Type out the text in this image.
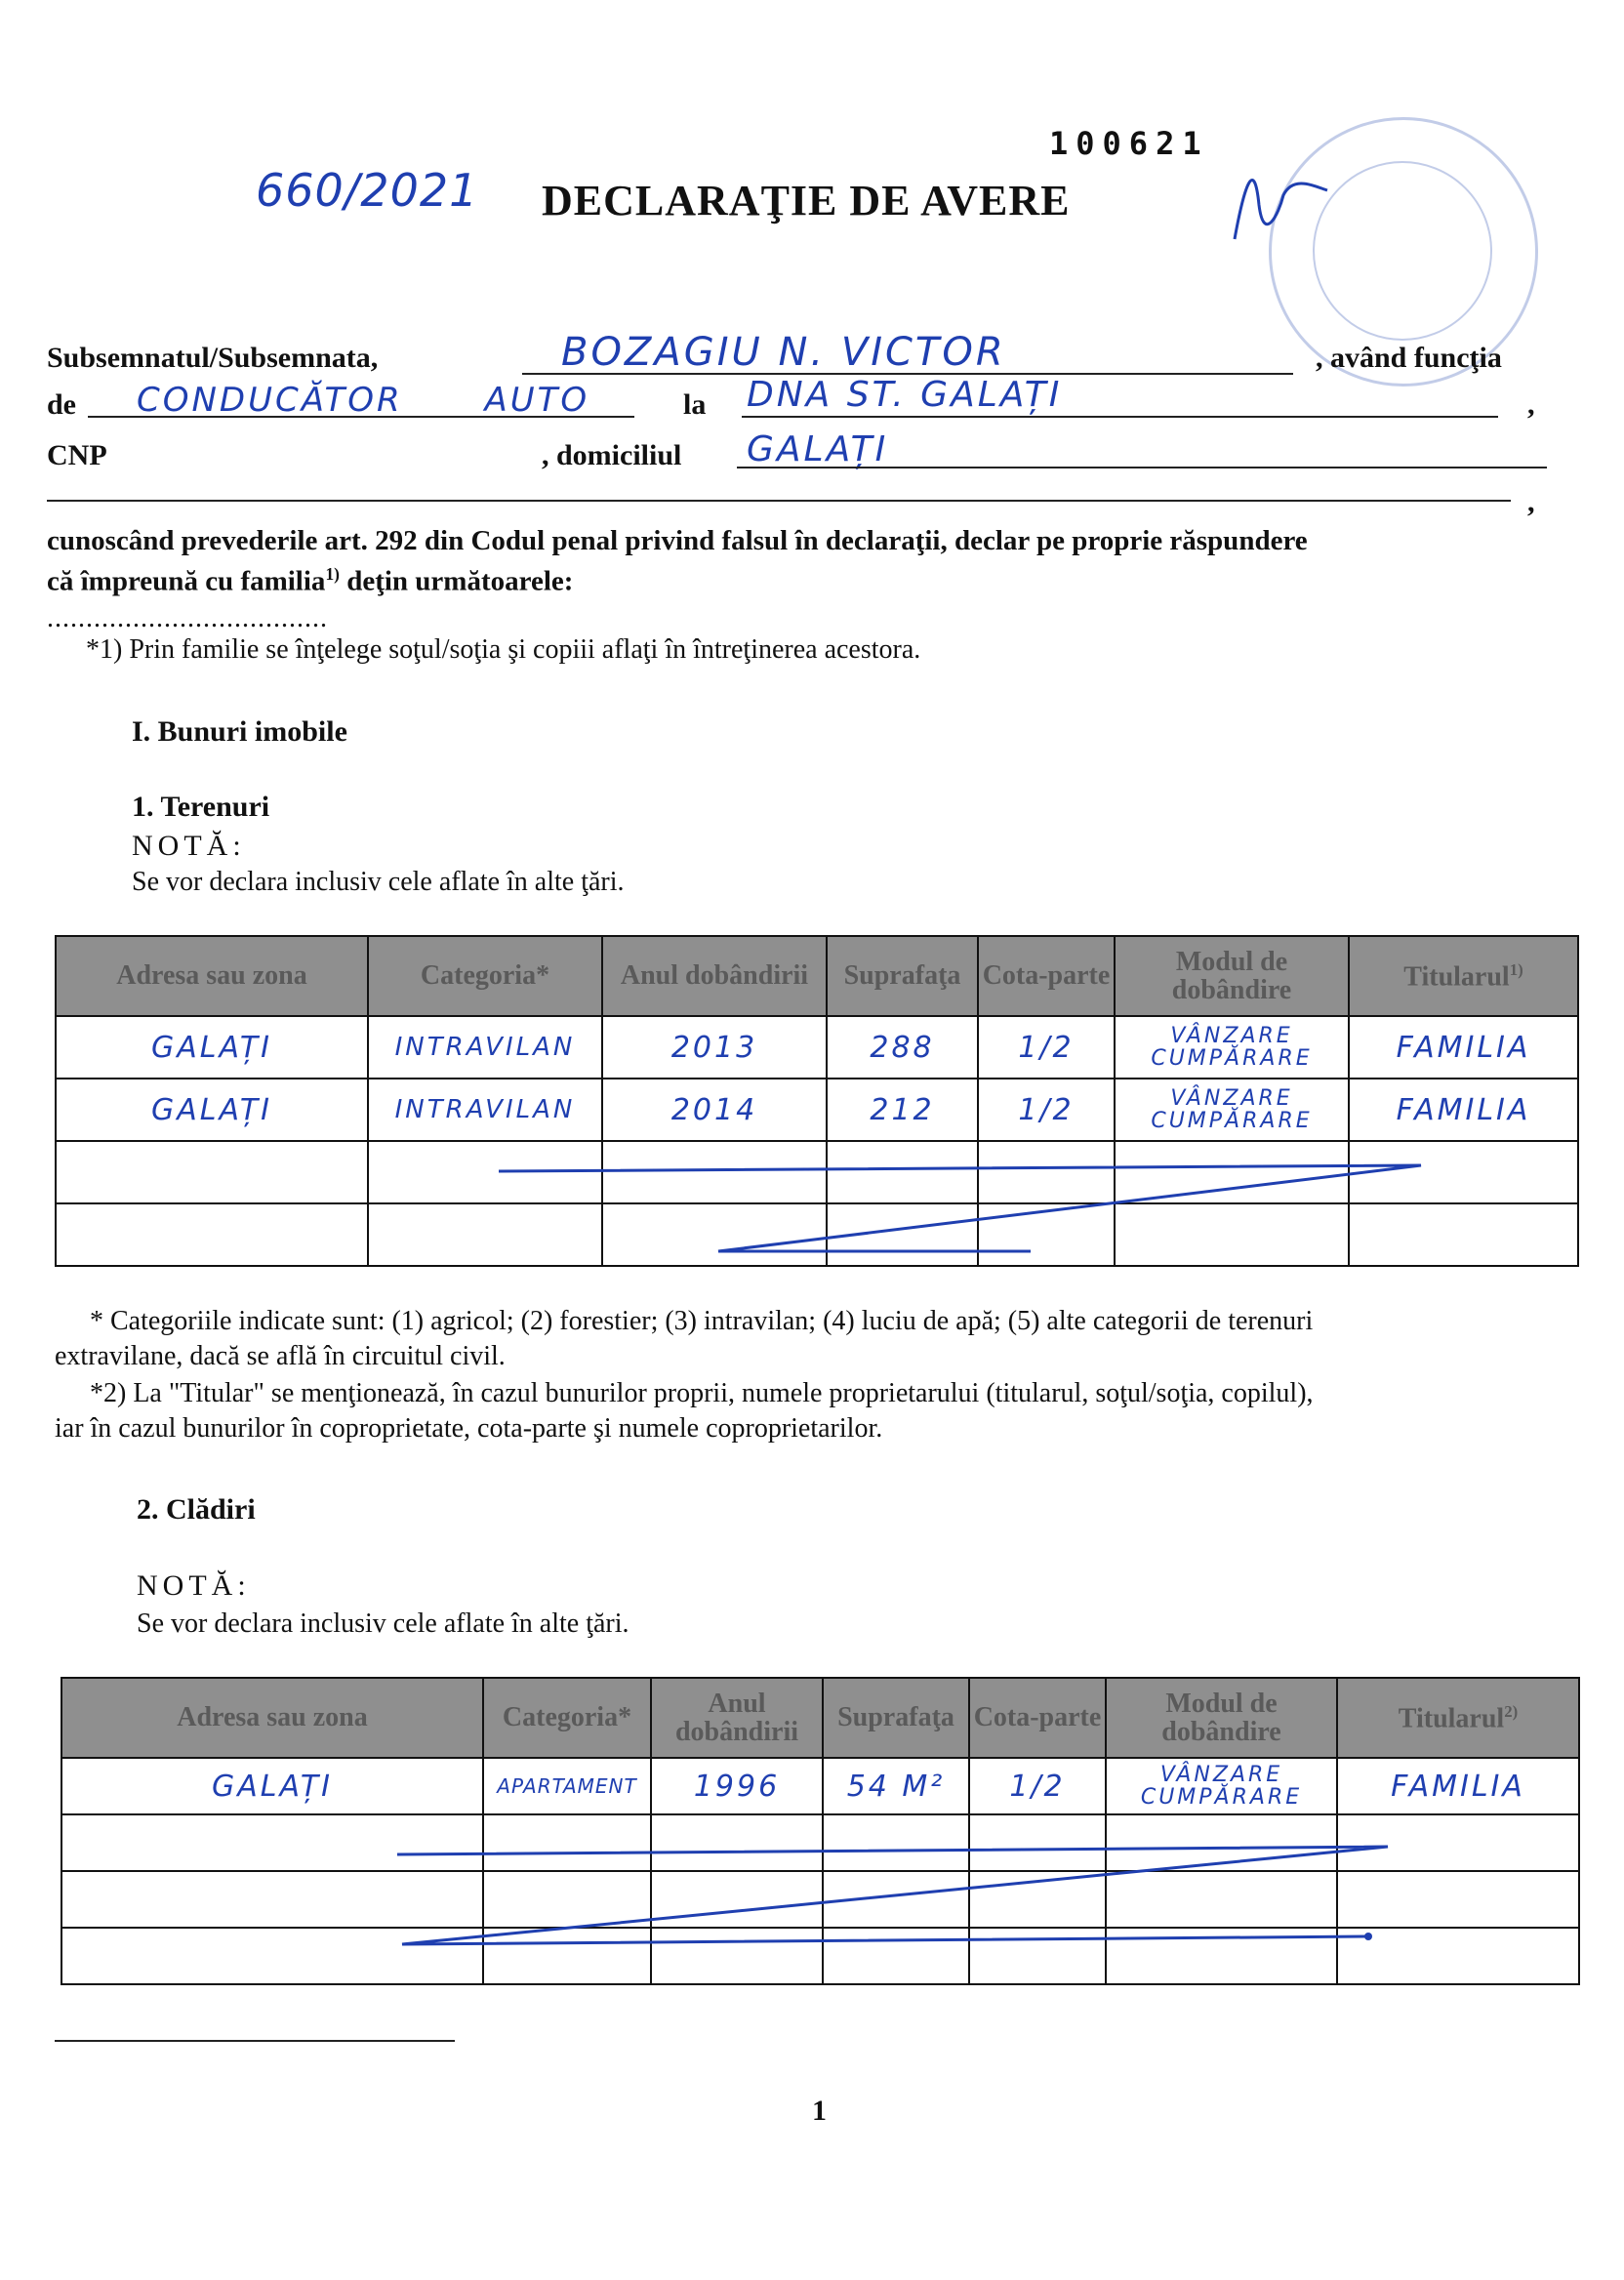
660/2021
100621
DECLARAŢIE DE AVERE
Subsemnatul/Subsemnata,	BOZAGIU N. VICTOR	, având funcţia
de CONDUCĂTOR AUTO	la DNA ST. GALAȚI	,
CNP	, domiciliul GALAȚI
,
cunoscând prevederile art. 292 din Codul penal privind falsul în declaraţii, declar pe proprie răspundere
că împreună cu familia$^{1)}$ deţin următoarele:
....................................
*1) Prin familie se înţelege soţul/soţia şi copiii aflaţi în întreţinerea acestora.
I. Bunuri imobile
1. Terenuri
NOTĂ:
Se vor declara inclusiv cele aflate în alte ţări.
Adresa sau zona	Categoria*	Anul dobândirii	Suprafaţa	Cota-parte	Modul de dobândire	Titularul$^{1)}$
GALAȚI	INTRAVILAN	2013	288	1/2	VÂNZARE CUMPĂRARE	FAMILIA
GALAȚI	INTRAVILAN	2014	212	1/2	VÂNZARE CUMPĂRARE	FAMILIA

* Categoriile indicate sunt: (1) agricol; (2) forestier; (3) intravilan; (4) luciu de apă; (5) alte categorii de terenuri
extravilane, dacă se află în circuitul civil.
*2) La "Titular" se menţionează, în cazul bunurilor proprii, numele proprietarului (titularul, soţul/soţia, copilul),
iar în cazul bunurilor în coproprietate, cota-parte şi numele coproprietarilor.
2. Clădiri
NOTĂ:
Se vor declara inclusiv cele aflate în alte ţări.
Adresa sau zona	Categoria*	Anul dobândirii	Suprafaţa	Cota-parte	Modul de dobândire	Titularul$^{2)}$
GALAȚI	APARTAMENT	1996	54 M²	1/2	VÂNZARE CUMPĂRARE	FAMILIA

1
